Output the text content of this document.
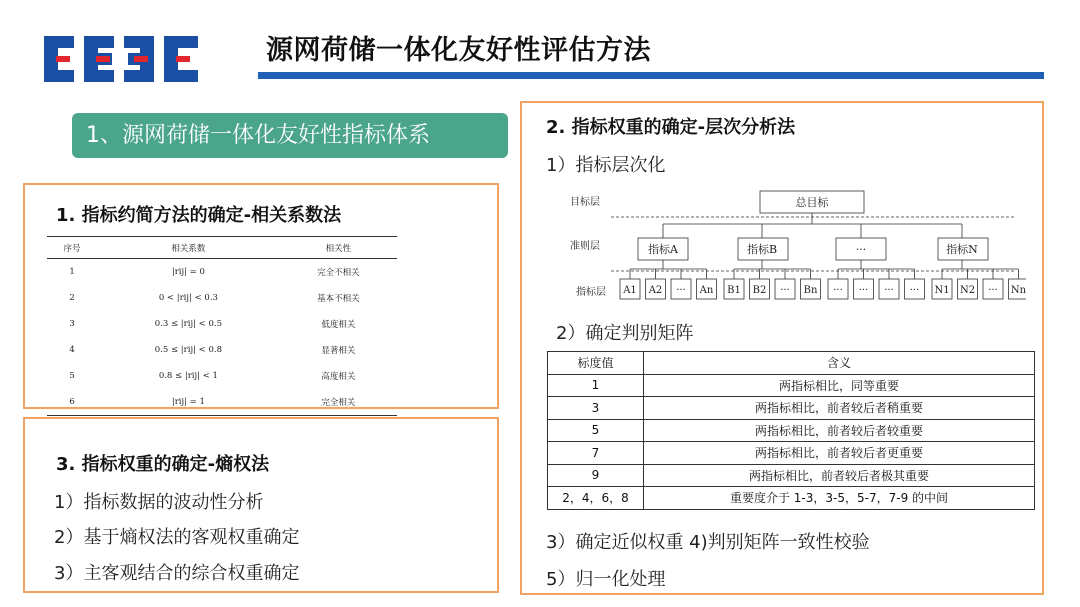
源网荷储一体化友好性评估方法
1、源网荷储一体化友好性指标体系
1. 指标约简方法的确定-相关系数法
序号	相关系数	相关性
1	|rij| = 0	完全不相关
2	0 < |rij| < 0.3	基本不相关
3	0.3 ≤ |rij| < 0.5	低度相关
4	0.5 ≤ |rij| < 0.8	显著相关
5	0.8 ≤ |rij| < 1	高度相关
6	|rij| = 1	完全相关
3. 指标权重的确定-熵权法
1）指标数据的波动性分析
2）基于熵权法的客观权重确定
3）主客观结合的综合权重确定
2. 指标权重的确定-层次分析法
1）指标层次化
目标层
准则层
指标层
总目标
指标A	指标B	···	指标N
A1 A2 ··· An B1 B2 ··· Bn ··· ··· ··· ··· N1 N2 ··· Nn
2）确定判别矩阵
标度值	含义
1	两指标相比，同等重要
3	两指标相比，前者较后者稍重要
5	两指标相比，前者较后者较重要
7	两指标相比，前者较后者更重要
9	两指标相比，前者较后者极其重要
2，4，6，8	重要度介于 1-3，3-5，5-7，7-9 的中间
3）确定近似权重 4)判别矩阵一致性校验
5）归一化处理
